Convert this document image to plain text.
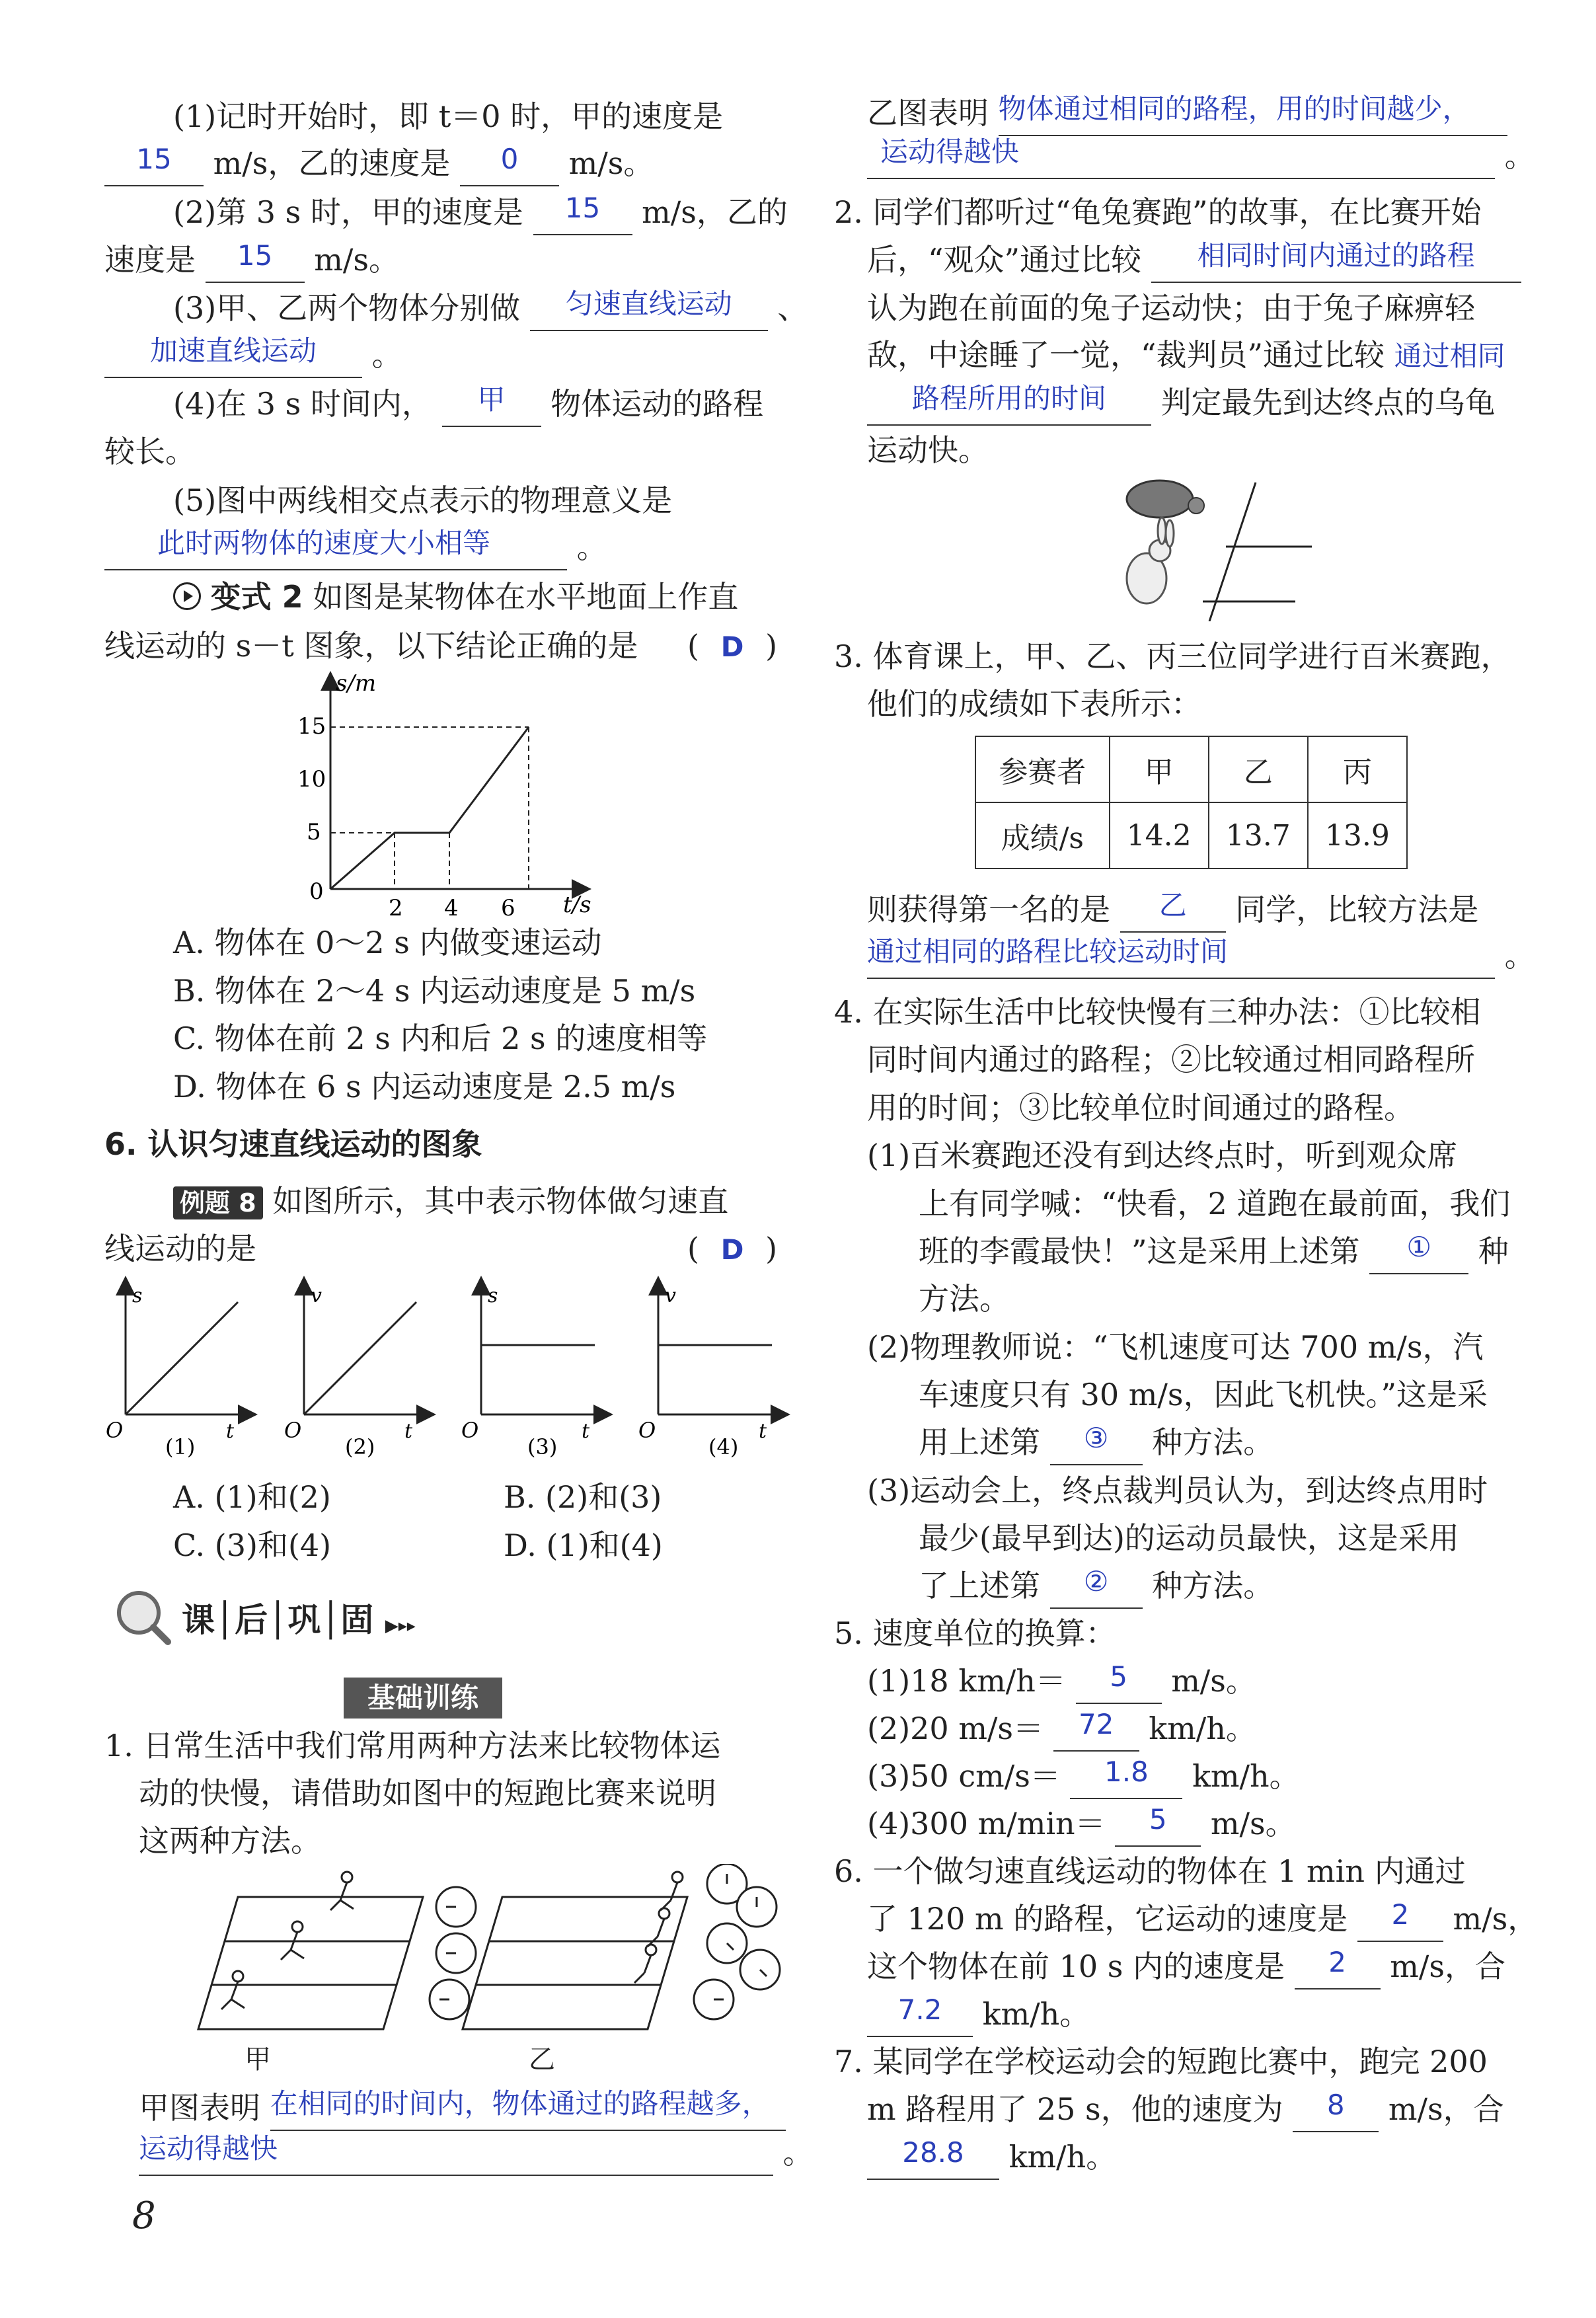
(1)记时开始时，即 t＝0 时，甲的速度是
15 m/s，乙的速度是 0 m/s。
(2)第 3 s 时，甲的速度是 15 m/s，乙的
速度是 15 m/s。
(3)甲、乙两个物体分别做 匀速直线运动 、
加速直线运动 。
(4)在 3 s 时间内， 甲 物体运动的路程
较长。
(5)图中两线相交点表示的物理意义是
此时两物体的速度大小相等	。
变式 2 如图是某物体在水平地面上作直
线运动的 s－t 图象，以下结论正确的是 ( D )
s/m
t/s
0
15
10
5
2 4 6
A. 物体在 0～2 s 内做变速运动
B. 物体在 2～4 s 内运动速度是 5 m/s
C. 物体在前 2 s 内和后 2 s 的速度相等
D. 物体在 6 s 内运动速度是 2.5 m/s
6. 认识匀速直线运动的图象
例题 8 如图所示，其中表示物体做匀速直
线运动的是	( D )
s
O	t
(1)
v
O	t
(2)
s
O	t
(3)
v
O	t
(4)
A. (1)和(2)	B. (2)和(3)
C. (3)和(4)	D. (1)和(4)
课│后│巩│固 ▶▸▸
基础训练
1. 日常生活中我们常用两种方法来比较物体运
动的快慢，请借助如图中的短跑比赛来说明
这两种方法。
甲	乙
甲图表明 在相同的时间内，物体通过的路程越多，
运动得越快	。
8
乙图表明 物体通过相同的路程，用的时间越少，
运动得越快	。
2. 同学们都听过“龟兔赛跑”的故事，在比赛开始
后，“观众”通过比较 相同时间内通过的路程
认为跑在前面的兔子运动快；由于兔子麻痹轻
敌，中途睡了一觉，“裁判员”通过比较 通过相同
路程所用的时间 判定最先到达终点的乌龟
运动快。
3. 体育课上，甲、乙、丙三位同学进行百米赛跑，
他们的成绩如下表所示：
参赛者	甲	乙	丙
成绩/s	14.2	13.7	13.9
则获得第一名的是 乙 同学，比较方法是
通过相同的路程比较运动时间	。
4. 在实际生活中比较快慢有三种办法：①比较相
同时间内通过的路程；②比较通过相同路程所
用的时间；③比较单位时间通过的路程。
(1)百米赛跑还没有到达终点时，听到观众席
上有同学喊：“快看，2 道跑在最前面，我们
班的李霞最快！”这是采用上述第 ① 种
方法。
(2)物理教师说：“飞机速度可达 700 m/s，汽
车速度只有 30 m/s，因此飞机快。”这是采
用上述第 ③ 种方法。
(3)运动会上，终点裁判员认为，到达终点用时
最少(最早到达)的运动员最快，这是采用
了上述第 ② 种方法。
5. 速度单位的换算：
(1)18 km/h＝ 5 m/s。
(2)20 m/s＝ 72 km/h。
(3)50 cm/s＝ 1.8 km/h。
(4)300 m/min＝ 5 m/s。
6. 一个做匀速直线运动的物体在 1 min 内通过
了 120 m 的路程，它运动的速度是 2 m/s，
这个物体在前 10 s 内的速度是 2 m/s，合
7.2 km/h。
7. 某同学在学校运动会的短跑比赛中，跑完 200
m 路程用了 25 s，他的速度为 8 m/s，合
28.8 km/h。
